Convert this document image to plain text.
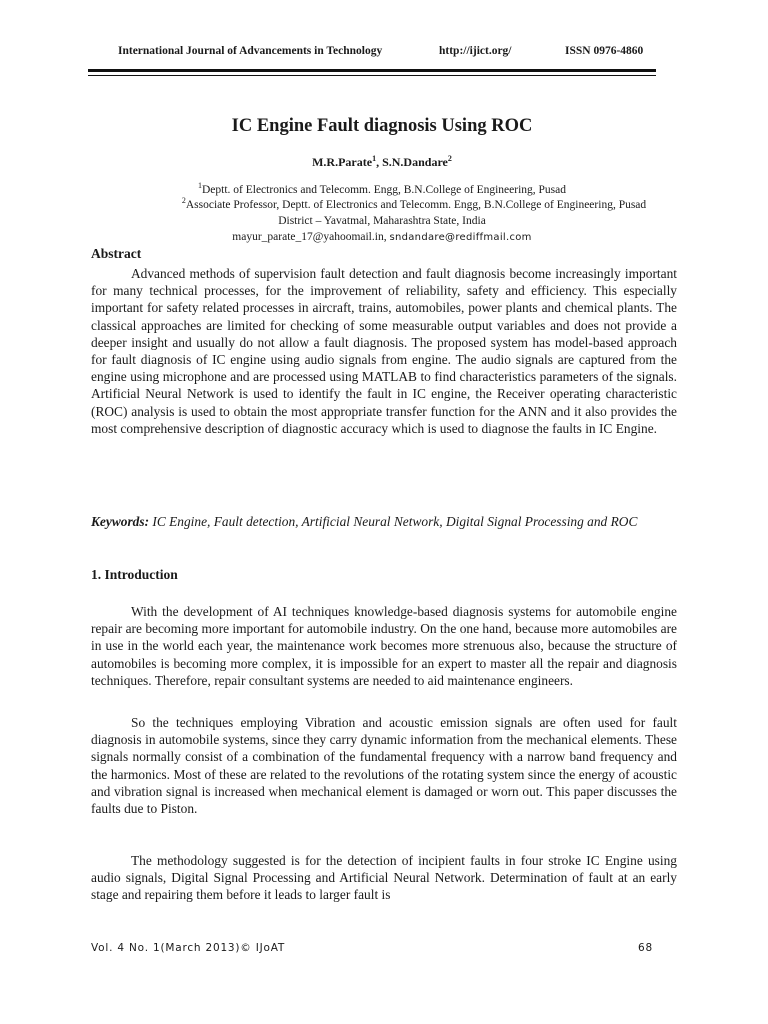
International Journal of Advancements in Technology	http://ijict.org/	ISSN 0976-4860
IC Engine Fault diagnosis Using ROC
M.R.Parate$^1$, S.N.Dandare$^2$
$^1$Deptt. of Electronics and Telecomm. Engg, B.N.College of Engineering, Pusad
$^2$Associate Professor, Deptt. of Electronics and Telecomm. Engg, B.N.College of Engineering, Pusad
District – Yavatmal, Maharashtra State, India
mayur_parate_17@yahoomail.in, sndandare@rediffmail.com
Abstract

Advanced methods of supervision fault detection and fault diagnosis become increasingly important for many technical processes, for the improvement of reliability, safety and efficiency. This especially important for safety related processes in aircraft, trains, automobiles, power plants and chemical plants. The classical approaches are limited for checking of some measurable output variables and does not provide a deeper insight and usually do not allow a fault diagnosis. The proposed system has model-based approach for fault diagnosis of IC engine using audio signals from engine. The audio signals are captured from the engine using microphone and are processed using MATLAB to find characteristics parameters of the signals. Artificial Neural Network is used to identify the fault in IC engine, the Receiver operating characteristic (ROC) analysis is used to obtain the most appropriate transfer function for the ANN and it also provides the most comprehensive description of diagnostic accuracy which is used to diagnose the faults in IC Engine.

Keywords: IC Engine, Fault detection, Artificial Neural Network, Digital Signal Processing and ROC

1. Introduction

With the development of AI techniques knowledge-based diagnosis systems for automobile engine repair are becoming more important for automobile industry. On the one hand, because more automobiles are in use in the world each year, the maintenance work becomes more strenuous also, because the structure of automobiles is becoming more complex, it is impossible for an expert to master all the repair and diagnosis techniques. Therefore, repair consultant systems are needed to aid maintenance engineers.

So the techniques employing Vibration and acoustic emission signals are often used for fault diagnosis in automobile systems, since they carry dynamic information from the mechanical elements. These signals normally consist of a combination of the fundamental frequency with a narrow band frequency and the harmonics. Most of these are related to the revolutions of the rotating system since the energy of acoustic and vibration signal is increased when mechanical element is damaged or worn out. This paper discusses the faults due to Piston.

The methodology suggested is for the detection of incipient faults in four stroke IC Engine using audio signals, Digital Signal Processing and Artificial Neural Network. Determination of fault at an early stage and repairing them before it leads to larger fault is

Vol. 4 No. 1(March 2013)© IJoAT	68
